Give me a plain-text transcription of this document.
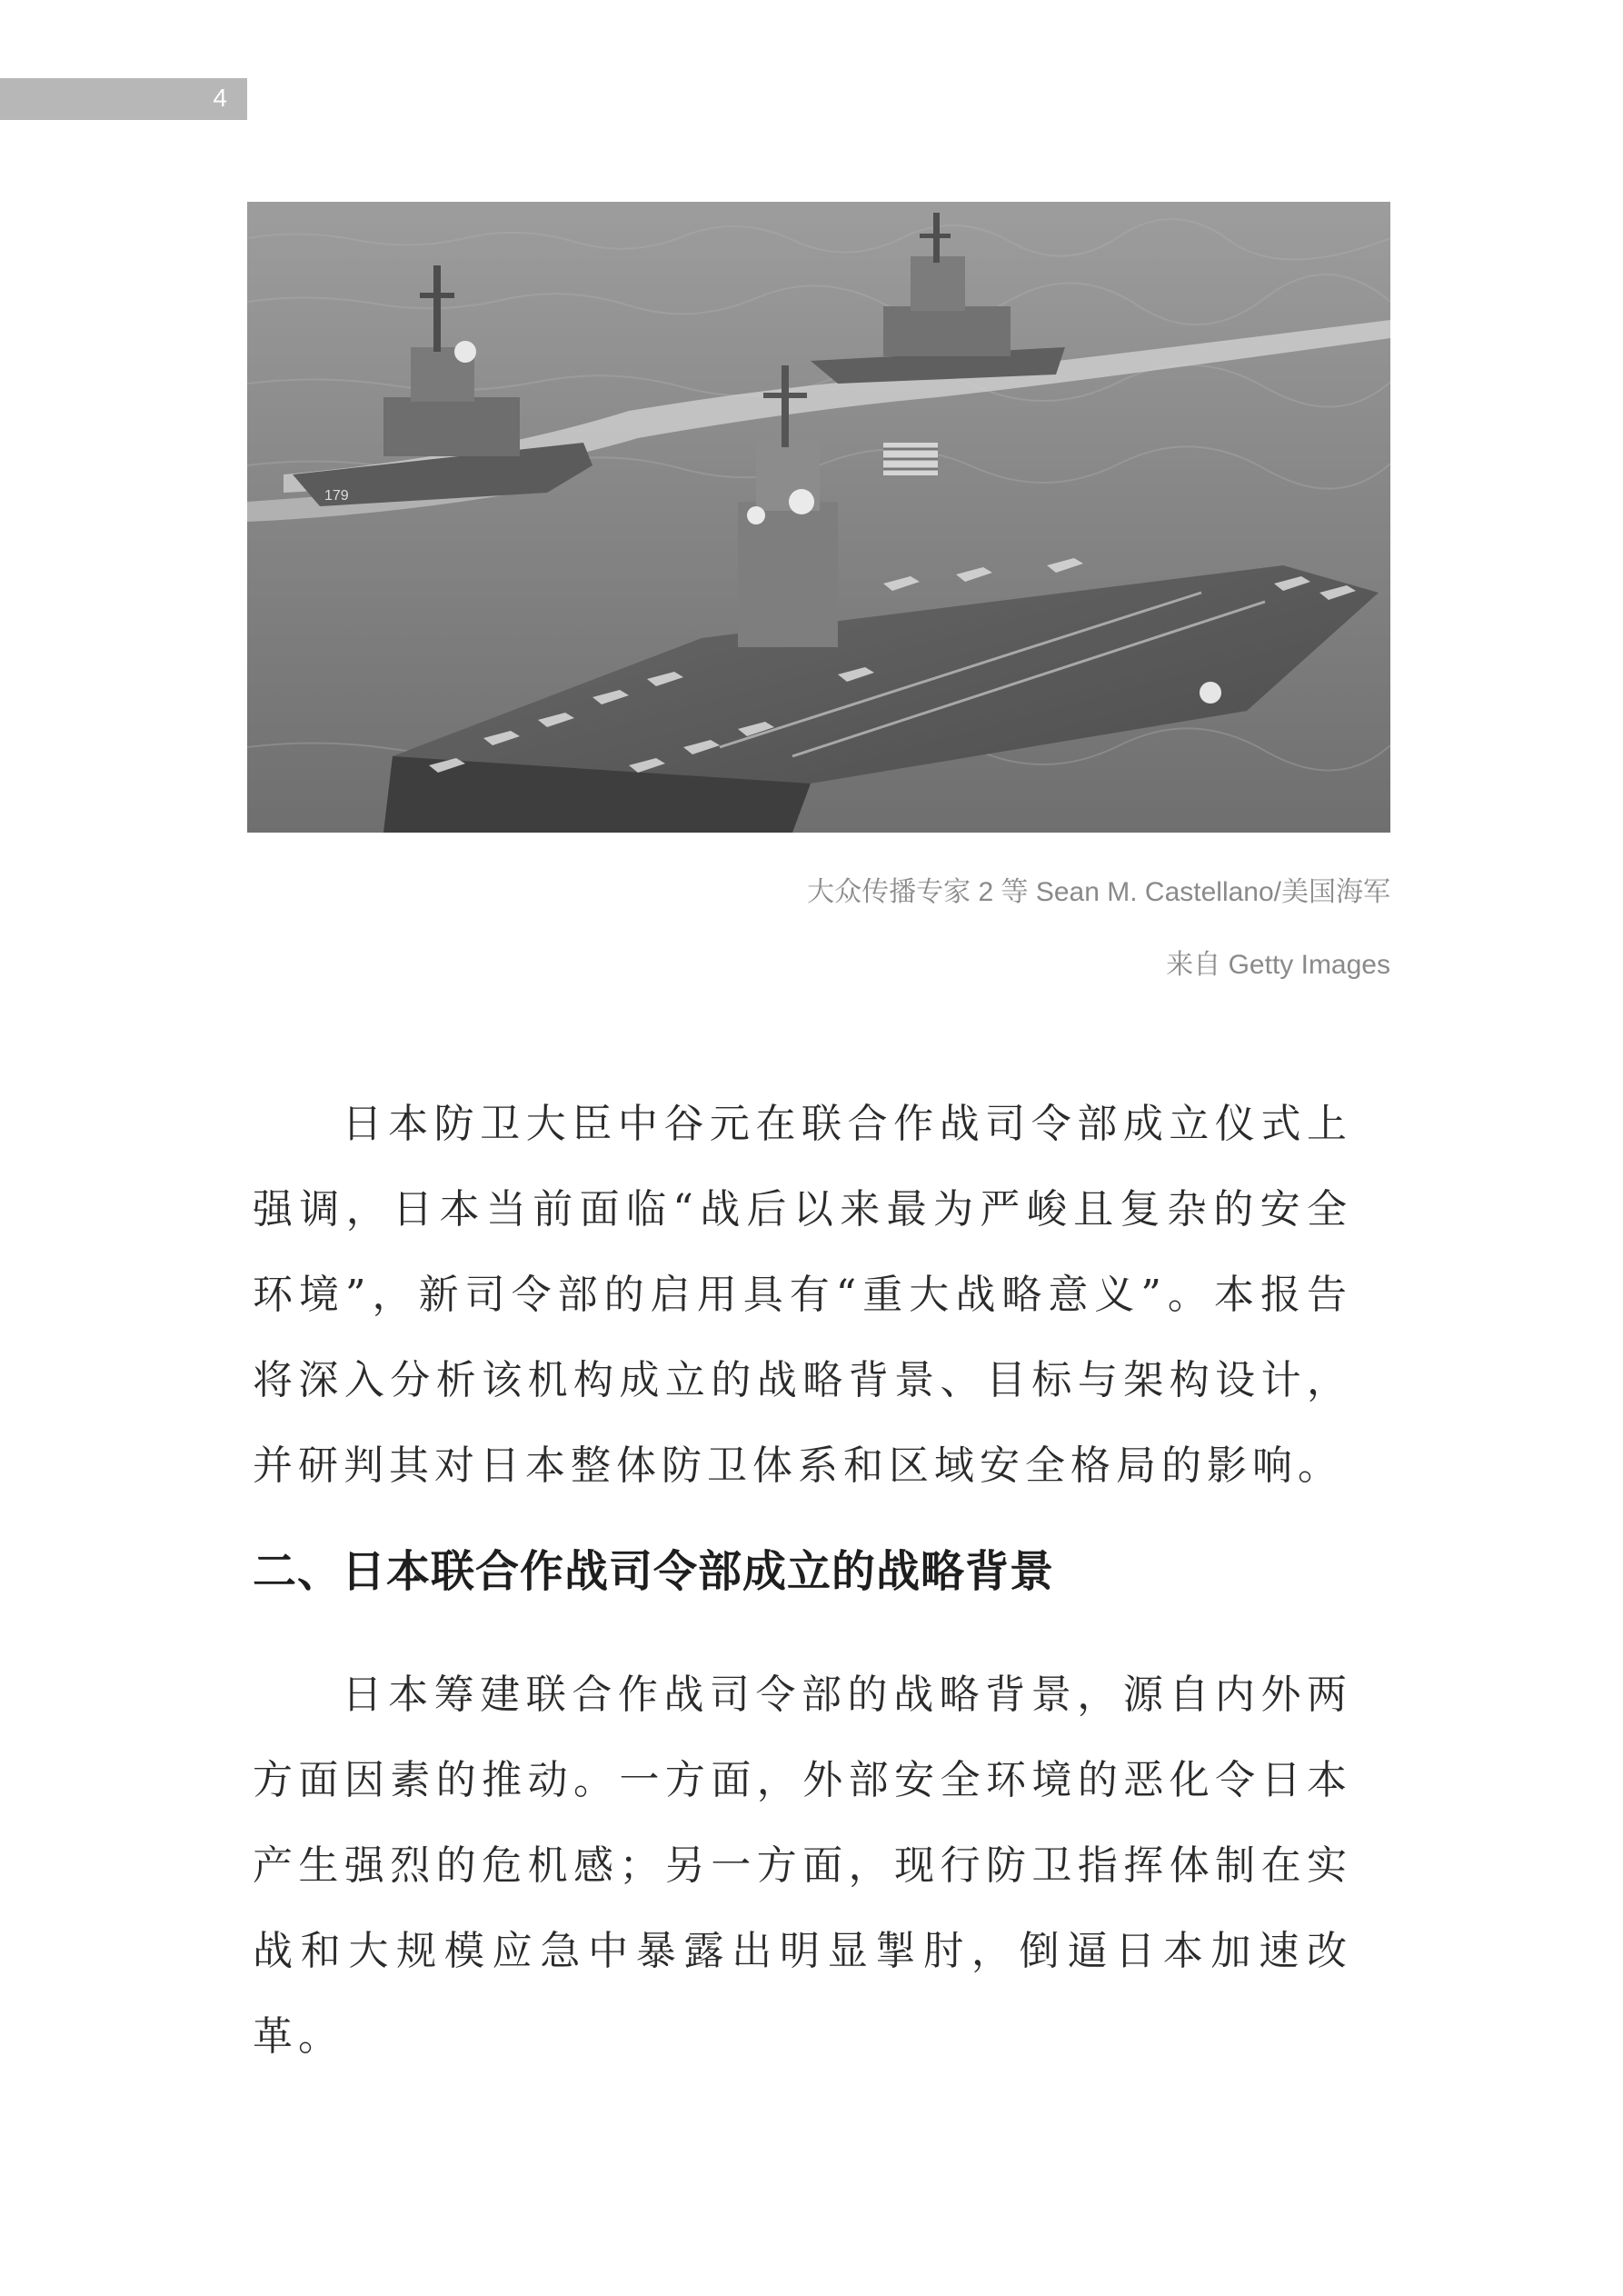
4
179
大众传播专家 2 等 Sean M. Castellano/美国海军
来自 Getty Images

日本防卫大臣中谷元在联合作战司令部成立仪式上强调，日本当前面临“战后以来最为严峻且复杂的安全环境”，新司令部的启用具有“重大战略意义”。本报告将深入分析该机构成立的战略背景、目标与架构设计，并研判其对日本整体防卫体系和区域安全格局的影响。

二、日本联合作战司令部成立的战略背景

日本筹建联合作战司令部的战略背景，源自内外两方面因素的推动。一方面，外部安全环境的恶化令日本产生强烈的危机感；另一方面，现行防卫指挥体制在实战和大规模应急中暴露出明显掣肘，倒逼日本加速改革。
